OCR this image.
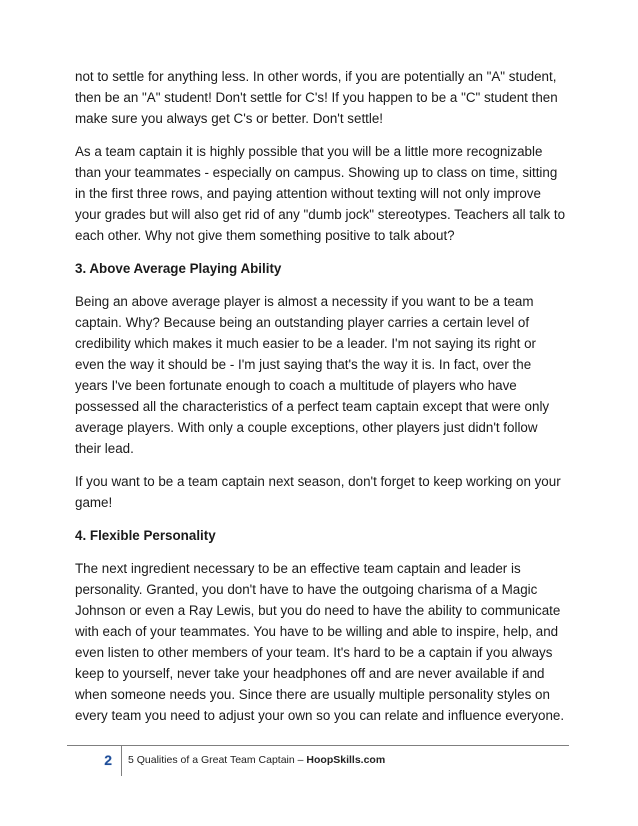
not to settle for anything less. In other words, if you are potentially an "A" student, then be an "A" student! Don't settle for C's! If you happen to be a "C" student then make sure you always get C's or better. Don't settle!

As a team captain it is highly possible that you will be a little more recognizable than your teammates - especially on campus. Showing up to class on time, sitting in the first three rows, and paying attention without texting will not only improve your grades but will also get rid of any "dumb jock" stereotypes. Teachers all talk to each other. Why not give them something positive to talk about?

3. Above Average Playing Ability

Being an above average player is almost a necessity if you want to be a team captain. Why? Because being an outstanding player carries a certain level of credibility which makes it much easier to be a leader. I'm not saying its right or even the way it should be - I'm just saying that's the way it is. In fact, over the years I've been fortunate enough to coach a multitude of players who have possessed all the characteristics of a perfect team captain except that were only average players. With only a couple exceptions, other players just didn't follow their lead.

If you want to be a team captain next season, don't forget to keep working on your game!

4. Flexible Personality

The next ingredient necessary to be an effective team captain and leader is personality. Granted, you don't have to have the outgoing charisma of a Magic Johnson or even a Ray Lewis, but you do need to have the ability to communicate with each of your teammates. You have to be willing and able to inspire, help, and even listen to other members of your team. It's hard to be a captain if you always keep to yourself, never take your headphones off and are never available if and when someone needs you. Since there are usually multiple personality styles on every team you need to adjust your own so you can relate and influence everyone.

2	5 Qualities of a Great Team Captain – HoopSkills.com
